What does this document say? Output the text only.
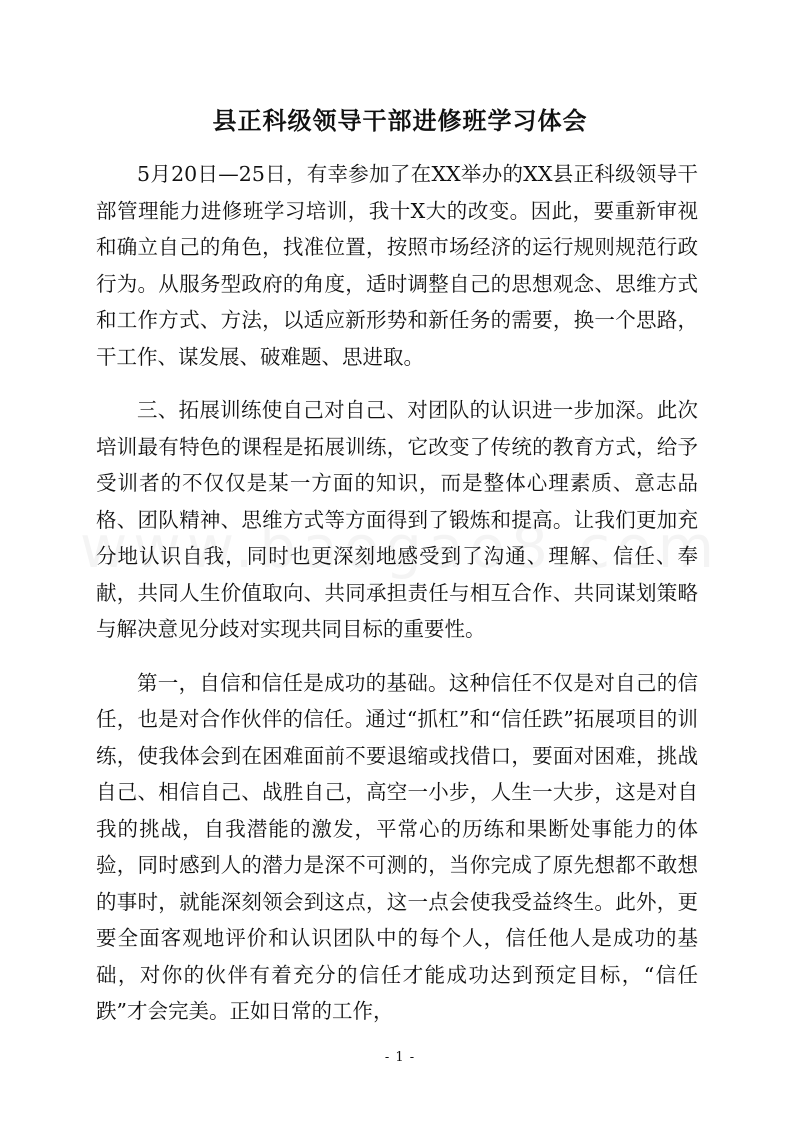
县正科级领导干部进修班学习体会

5月20日—25日，有幸参加了在XX举办的XX县正科级领导干部管理能力进修班学习培训，我十X大的改变。因此，要重新审视和确立自己的角色，找准位置，按照市场经济的运行规则规范行政行为。从服务型政府的角度，适时调整自己的思想观念、思维方式和工作方式、方法，以适应新形势和新任务的需要，换一个思路，干工作、谋发展、破难题、思进取。

三、拓展训练使自己对自己、对团队的认识进一步加深。此次培训最有特色的课程是拓展训练，它改变了传统的教育方式，给予受训者的不仅仅是某一方面的知识，而是整体心理素质、意志品格、团队精神、思维方式等方面得到了锻炼和提高。让我们更加充分地认识自我，同时也更深刻地感受到了沟通、理解、信任、奉献，共同人生价值取向、共同承担责任与相互合作、共同谋划策略与解决意见分歧对实现共同目标的重要性。

第一，自信和信任是成功的基础。这种信任不仅是对自己的信任，也是对合作伙伴的信任。通过“抓杠”和“信任跌”拓展项目的训练，使我体会到在困难面前不要退缩或找借口，要面对困难，挑战自己、相信自己、战胜自己，高空一小步，人生一大步，这是对自我的挑战，自我潜能的激发，平常心的历练和果断处事能力的体验，同时感到人的潜力是深不可测的，当你完成了原先想都不敢想的事时，就能深刻领会到这点，这一点会使我受益终生。此外，更要全面客观地评价和认识团队中的每个人，信任他人是成功的基础，对你的伙伴有着充分的信任才能成功达到预定目标，“信任跌”才会完美。正如日常的工作，

- 1 -
